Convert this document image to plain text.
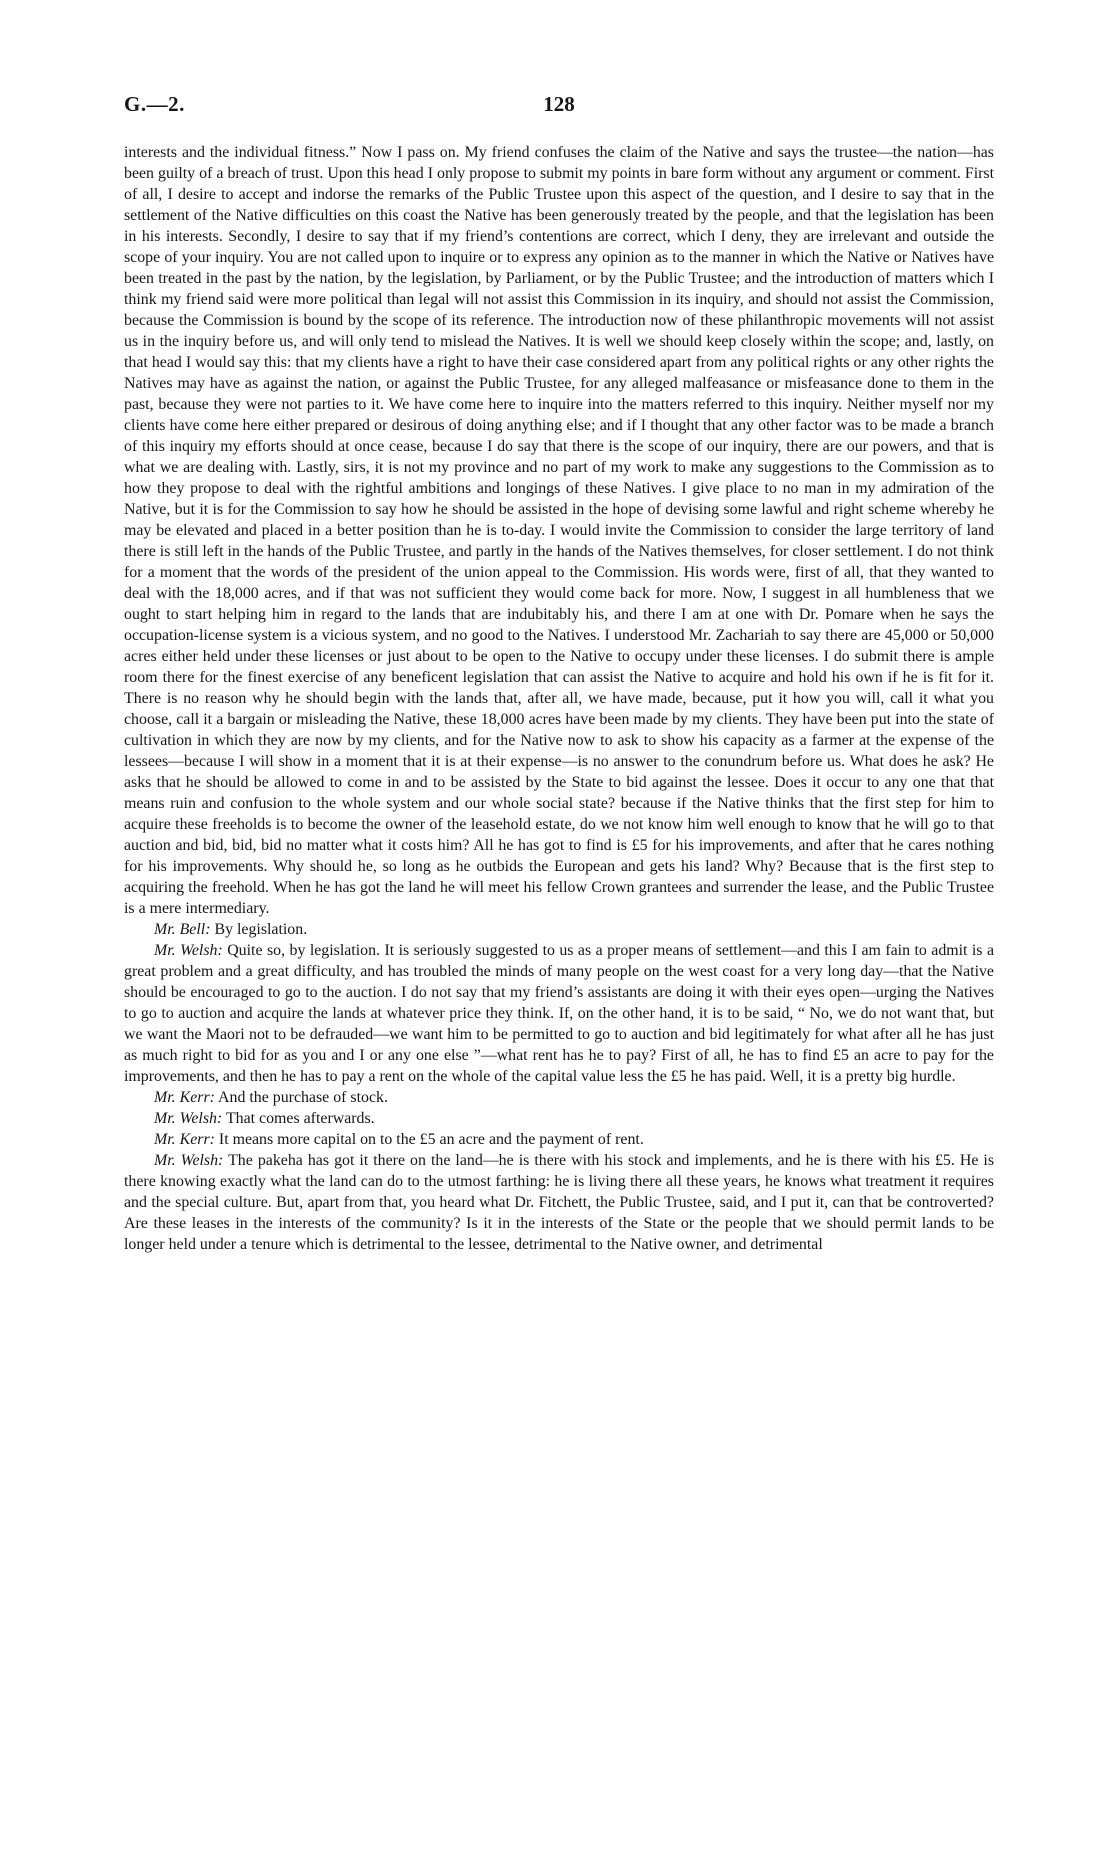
G.—2.	128

interests and the individual fitness.” Now I pass on. My friend confuses the claim of the Native and says the trustee—the nation—has been guilty of a breach of trust. Upon this head I only propose to submit my points in bare form without any argument or comment. First of all, I desire to accept and indorse the remarks of the Public Trustee upon this aspect of the question, and I desire to say that in the settlement of the Native difficulties on this coast the Native has been generously treated by the people, and that the legislation has been in his interests. Secondly, I desire to say that if my friend’s contentions are correct, which I deny, they are irrelevant and outside the scope of your inquiry. You are not called upon to inquire or to express any opinion as to the manner in which the Native or Natives have been treated in the past by the nation, by the legislation, by Parliament, or by the Public Trustee; and the introduction of matters which I think my friend said were more political than legal will not assist this Commission in its inquiry, and should not assist the Commission, because the Commission is bound by the scope of its reference. The introduction now of these philanthropic movements will not assist us in the inquiry before us, and will only tend to mislead the Natives. It is well we should keep closely within the scope; and, lastly, on that head I would say this: that my clients have a right to have their case considered apart from any political rights or any other rights the Natives may have as against the nation, or against the Public Trustee, for any alleged malfeasance or misfeasance done to them in the past, because they were not parties to it. We have come here to inquire into the matters referred to this inquiry. Neither myself nor my clients have come here either prepared or desirous of doing anything else; and if I thought that any other factor was to be made a branch of this inquiry my efforts should at once cease, because I do say that there is the scope of our inquiry, there are our powers, and that is what we are dealing with. Lastly, sirs, it is not my province and no part of my work to make any suggestions to the Commission as to how they propose to deal with the rightful ambitions and longings of these Natives. I give place to no man in my admiration of the Native, but it is for the Commission to say how he should be assisted in the hope of devising some lawful and right scheme whereby he may be elevated and placed in a better position than he is to-day. I would invite the Commission to consider the large territory of land there is still left in the hands of the Public Trustee, and partly in the hands of the Natives themselves, for closer settlement. I do not think for a moment that the words of the president of the union appeal to the Commission. His words were, first of all, that they wanted to deal with the 18,000 acres, and if that was not sufficient they would come back for more. Now, I suggest in all humbleness that we ought to start helping him in regard to the lands that are indubitably his, and there I am at one with Dr. Pomare when he says the occupation-license system is a vicious system, and no good to the Natives. I understood Mr. Zachariah to say there are 45,000 or 50,000 acres either held under these licenses or just about to be open to the Native to occupy under these licenses. I do submit there is ample room there for the finest exercise of any beneficent legislation that can assist the Native to acquire and hold his own if he is fit for it. There is no reason why he should begin with the lands that, after all, we have made, because, put it how you will, call it what you choose, call it a bargain or misleading the Native, these 18,000 acres have been made by my clients. They have been put into the state of cultivation in which they are now by my clients, and for the Native now to ask to show his capacity as a farmer at the expense of the lessees—because I will show in a moment that it is at their expense—is no answer to the conundrum before us. What does he ask? He asks that he should be allowed to come in and to be assisted by the State to bid against the lessee. Does it occur to any one that that means ruin and confusion to the whole system and our whole social state? because if the Native thinks that the first step for him to acquire these freeholds is to become the owner of the leasehold estate, do we not know him well enough to know that he will go to that auction and bid, bid, bid no matter what it costs him? All he has got to find is £5 for his improvements, and after that he cares nothing for his improvements. Why should he, so long as he outbids the European and gets his land? Why? Because that is the first step to acquiring the freehold. When he has got the land he will meet his fellow Crown grantees and surrender the lease, and the Public Trustee is a mere intermediary.

Mr. Bell: By legislation.

Mr. Welsh: Quite so, by legislation. It is seriously suggested to us as a proper means of settlement—and this I am fain to admit is a great problem and a great difficulty, and has troubled the minds of many people on the west coast for a very long day—that the Native should be encouraged to go to the auction. I do not say that my friend’s assistants are doing it with their eyes open—urging the Natives to go to auction and acquire the lands at whatever price they think. If, on the other hand, it is to be said, “ No, we do not want that, but we want the Maori not to be defrauded—we want him to be permitted to go to auction and bid legitimately for what after all he has just as much right to bid for as you and I or any one else ”—what rent has he to pay? First of all, he has to find £5 an acre to pay for the improvements, and then he has to pay a rent on the whole of the capital value less the £5 he has paid. Well, it is a pretty big hurdle.

Mr. Kerr: And the purchase of stock.

Mr. Welsh: That comes afterwards.

Mr. Kerr: It means more capital on to the £5 an acre and the payment of rent.

Mr. Welsh: The pakeha has got it there on the land—he is there with his stock and implements, and he is there with his £5. He is there knowing exactly what the land can do to the utmost farthing: he is living there all these years, he knows what treatment it requires and the special culture. But, apart from that, you heard what Dr. Fitchett, the Public Trustee, said, and I put it, can that be controverted? Are these leases in the interests of the community? Is it in the interests of the State or the people that we should permit lands to be longer held under a tenure which is detrimental to the lessee, detrimental to the Native owner, and detrimental
